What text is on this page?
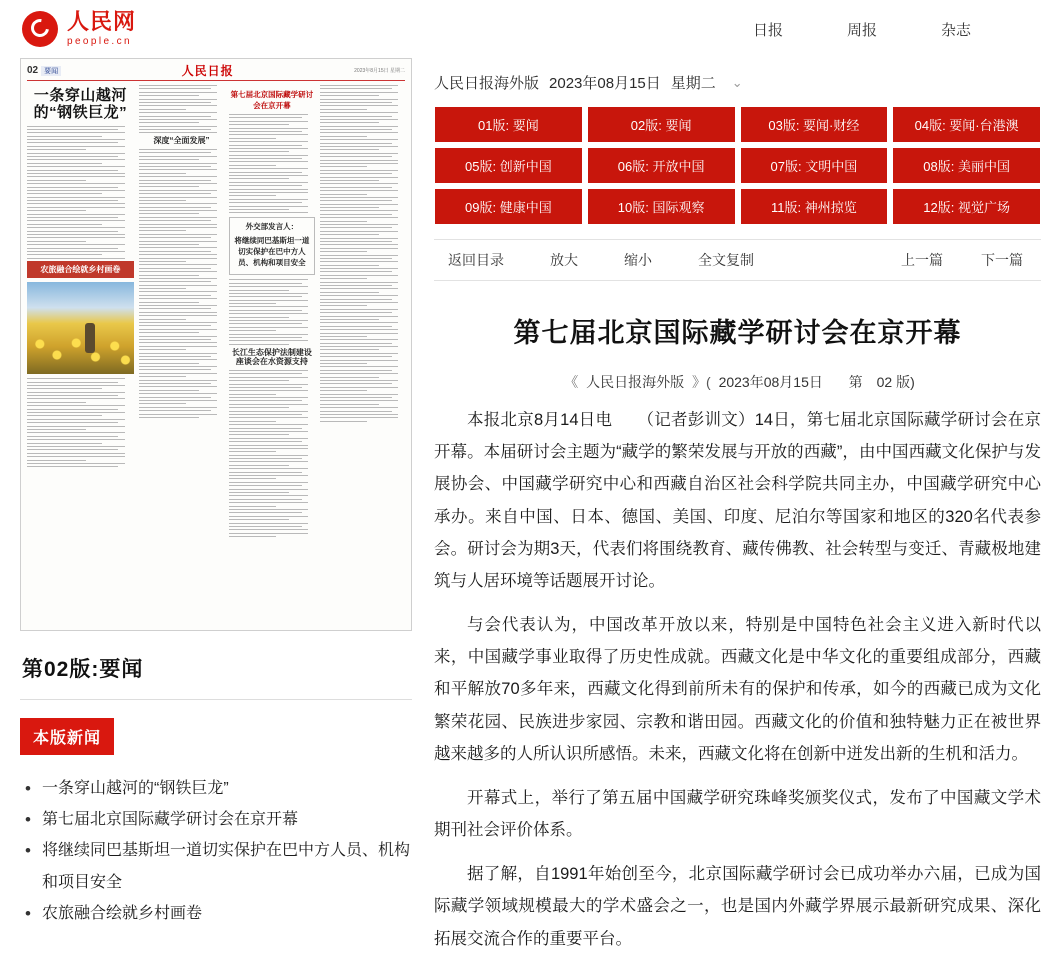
人民网
people.cn
日报	周报	杂志
02 要闻	人民日报	2023年8月15日 星期二
一条穿山越河的“钢铁巨龙”
农旅融合绘就乡村画卷
深度“全面发展”
第七届北京国际藏学研讨会在京开幕
外交部发言人：
将继续同巴基斯坦一道切实保护在巴中方人员、机构和项目安全
长江生态保护法制建设座谈会在水资源支持
第02版:要闻
本版新闻
• 一条穿山越河的“钢铁巨龙”
• 第七届北京国际藏学研讨会在京开幕
• 将继续同巴基斯坦一道切实保护在巴中方人员、机构和项目安全
• 农旅融合绘就乡村画卷
人民日报海外版 2023年08月15日 星期二 ⌄
01版: 要闻	02版: 要闻	03版: 要闻·财经	04版: 要闻·台港澳
05版: 创新中国	06版: 开放中国	07版: 文明中国	08版: 美丽中国
09版: 健康中国	10版: 国际观察	11版: 神州掠览	12版: 视觉广场
返回目录	放大	缩小	全文复制	上一篇	下一篇
第七届北京国际藏学研讨会在京开幕
《 人民日报海外版 》( 2023年08月15日 第　02 版)

本报北京8月14日电　　（记者彭训文）14日，第七届北京国际藏学研讨会在京开幕。本届研讨会主题为“藏学的繁荣发展与开放的西藏”，由中国西藏文化保护与发展协会、中国藏学研究中心和西藏自治区社会科学院共同主办，中国藏学研究中心承办。来自中国、日本、德国、美国、印度、尼泊尔等国家和地区的320名代表参会。研讨会为期3天，代表们将围绕教育、藏传佛教、社会转型与变迁、青藏极地建筑与人居环境等话题展开讨论。

与会代表认为，中国改革开放以来，特别是中国特色社会主义进入新时代以来，中国藏学事业取得了历史性成就。西藏文化是中华文化的重要组成部分，西藏和平解放70多年来，西藏文化得到前所未有的保护和传承，如今的西藏已成为文化繁荣花园、民族进步家园、宗教和谐田园。西藏文化的价值和独特魅力正在被世界越来越多的人所认识所感悟。未来，西藏文化将在创新中迸发出新的生机和活力。

开幕式上，举行了第五届中国藏学研究珠峰奖颁奖仪式，发布了中国藏文学术期刊社会评价体系。

据了解，自1991年始创至今，北京国际藏学研讨会已成功举办六届，已成为国际藏学领域规模最大的学术盛会之一，也是国内外藏学界展示最新研究成果、深化拓展交流合作的重要平台。
